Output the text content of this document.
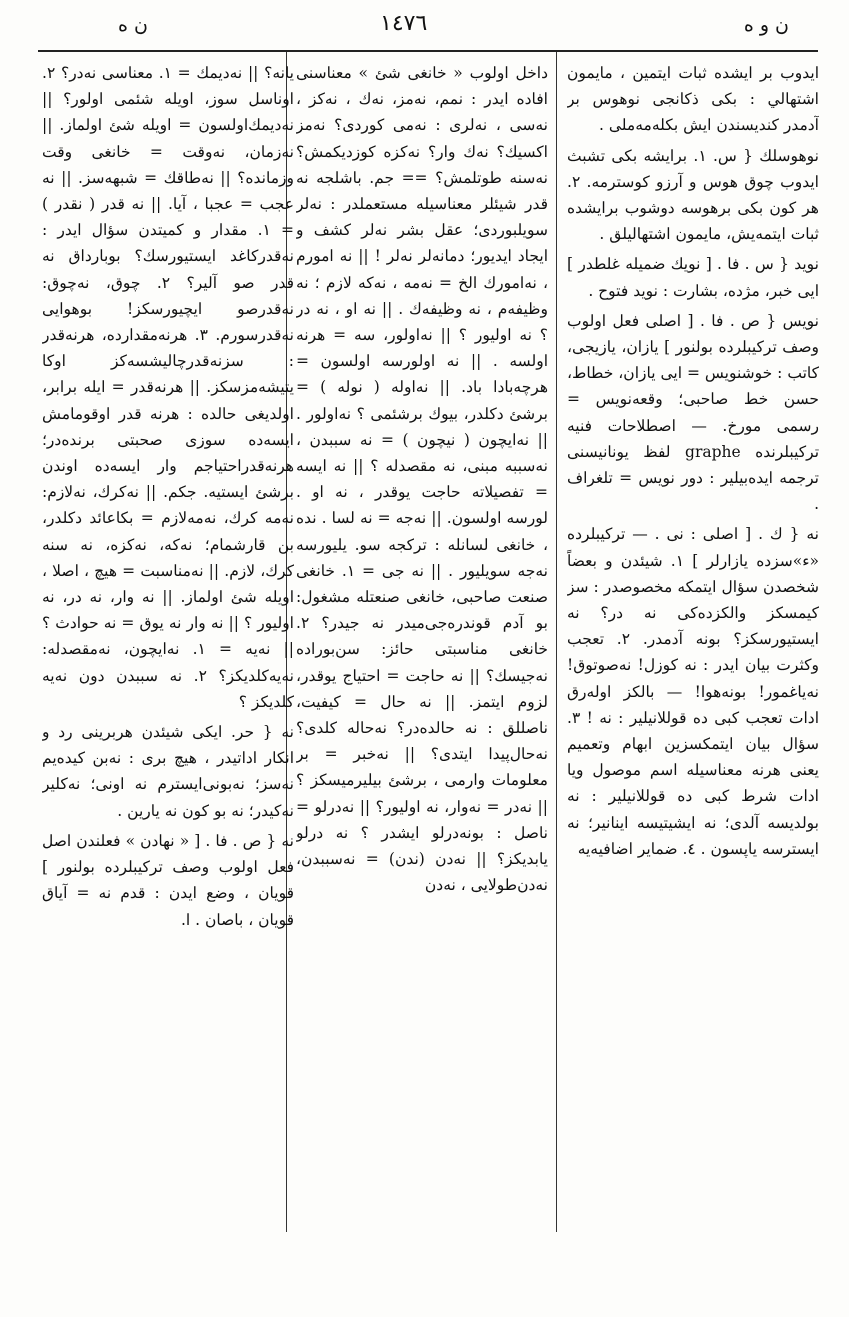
ن ه	١٤٧٦	ن و ه

ايدوب بر ايشده ثبات ايتمين ، مايمون اشتهالي : بكى ذكانجى نوهوس بر آدمدر كنديسندن ايش بكله‌مه‌ملى .

نوهوسلك { س. ١. برايشه بكى تشبث ايدوب چوق هوس و آرزو كوسترمه. ٢. هر كون بكى برهوسه دوشوب برايشده ثبات ايتمه‌يش، مايمون اشتهاليلق .

نويد { س . فا . [ نويك ضميله غلطدر ] ايى خبر، مژده، بشارت : نويد فتوح .

نويس { ص . فا . [ اصلى فعل اولوب وصف تركيبلرده بولنور ] يازان، يازيجى، كاتب : خوشنويس = ايى يازان، خطاط، حسن خط صاحبى؛ وقعه‌نويس = رسمى مورخ. — اصطلاحات فنيه تركيبلرنده graphe لفظ يونانيسنى ترجمه ايده‌بيلير : دور نويس = تلغراف .

نه { ك . [ اصلى : نى . — تركيبلرده «ء»سزده يازارلر ] ١. شيئدن و بعضاً شخصدن سؤال ايتمكه مخصوصدر : سز كيمسكز والكزده‌كى نه در؟ نه ايستيورسكز؟ بونه آدمدر. ٢. تعجب وكثرت بيان ايدر : نه كوزل! نه‌صوتوق! نه‌ياغمور! بونه‌هوا! — بالكز اولەرق ادات تعجب كبى ده قوللانيلير : نه ! ٣. سؤال بيان ايتمكسزين ابهام وتعميم يعنى هرنه معناسيله اسم موصول ويا ادات شرط كبى ده قوللانيلير : نه بولديسه آلدى؛ نه ايشيتيسه اينانير؛ نه ايسترسه ياپسون . ٤. ضماير اضافيه‌يه

داخل اولوب « خانغى شئ » معناسنى افاده ايدر : نمم، نه‌مز، نه‌ك ، نه‌كز ، نه‌سى ، نه‌لرى : نه‌مى كوردى؟ نه‌مز اكسيك؟ نه‌ك وار؟ نه‌كزه كوزديكمش؟ نه‌سنه طوتلمش؟ == جم. باشلجه نه قدر شيئلر معناسيله مستعملدر : نه‌لر سويلبوردى؛ عقل بشر نه‌لر كشف و ايجاد ايديور؛ دمانه‌لر نه‌لر ! || نه امورم ، نه‌امورك الخ = نه‌مه ، نه‌كه لازم ؛ نه وظيفه‌م ، نه وظيفه‌ك . || نه او ، نه در ؟ نه اوليور ؟ || نه‌اولور، سه = هرنه اولسه . || نه اولورسه اولسون = هرچه‌بادا باد. || نه‌اوله ( نوله ) = برشئ دكلدر، بيوك برشئمى ؟ نه‌اولور . || نه‌ايچون ( نيچون ) = نه سببدن ، نه‌سببه مبنى، نه مقصدله ؟ || نه ايسه = تفصيلاته حاجت يوقدر ، نه او . لورسه اولسون. || نه‌جه = نه لسا . نده ، خانغى لسانله : تركجه سو. يليورسه نه‌جه سويليور . || نه جى = ١. خانغى صنعت صاحبى، خانغى صنعتله مشغول: بو آدم قوندره‌جى‌ميدر نه جيدر؟ ٢. خانغى مناسبتى حائز: سن‌بورادە نه‌جيسك؟ || نه حاجت = احتياج يوقدر، لزوم ايتمز. || نه حال = كيفيت، ناصللق : نه حالده‌در؟ نه‌حاله كلدى؟ نه‌حال‌پيدا ايتدى؟ || نه‌خبر = بر معلومات وارمى ، برشئ بيليرميسكز ؟ || نه‌در = نه‌وار، نه اوليور؟ || نه‌درلو = ناصل : بونه‌درلو ايشدر ؟ نه درلو يابديكز؟ || نه‌دن (ندن) = نه‌سببدن، نه‌دن‌طولايى ، نه‌دن

يانه؟ || نه‌ديمك = ١. معناسى نه‌در؟ ٢. اونا‌سل سوز، اويله شئمى اولور؟ || نه‌ديمك‌اولسون = اويله شئ اولماز. || نه‌زمان، نه‌وقت = خانغى وقت وزمانده؟ || نه‌طاقك = شبهه‌سز. || نه عجب = عجبا ، آيا. || نه قدر ( نقدر ) = ١. مقدار و كميتدن سؤال ايدر : نه‌قدركاغد ايستيورسك؟ بوبارداق نه قدر صو آلير؟ ٢. چوق، نه‌چوق: نه‌قدرصو ايچيورسكز! بوهوايى نه‌قدرسورم. ٣. هرنه‌مقدارده، هرنه‌قدر : سزنه‌قدرچاليشسه‌كز اوكا يتيشه‌مزسكز. || هرنه‌قدر = ايله برابر، اولديغى حالده : هرنه قدر اوقومامش ايسه‌ده سوزى صحبتى برندەدر؛ هرنه‌قدراحتياجم وار ايسه‌ده اوندن برشئ ايستيه. جكم. || نه‌كرك، نه‌لازم: نه‌مه كرك، نه‌مه‌لازم = بكاعائد دكلدر، بن قارشمام؛ نه‌كه، نه‌كزه، نه سنه كرك، لازم. || نه‌مناسبت = هيچ ، اصلا ، اويله شئ اولماز. || نه وار، نه در، نه اوليور ؟ || نه وار نه يوق = نه حوادث ؟ || نه‌يه = ١. نه‌ايچون، نه‌مقصدله: نه‌يه‌كلديكز؟ ٢. نه سببدن دون نه‌يه كلديكز ؟

نه { حر. ايكى شيئدن هربرينى رد و انكار اداتيدر ، هيچ برى : نه‌بن كيده‌يم نه‌سز؛ نه‌بونى‌ايسترم نه اونى؛ نه‌كلير نه‌كيدر؛ نه بو كون نه يارين .

نه { ص . فا . [ « نهادن » فعلندن اصل فعل اولوب وصف تركيبلرده بولنور ] قويان ، وضع ايدن : قدم نه = آياق قويان ، باصان . ا.
